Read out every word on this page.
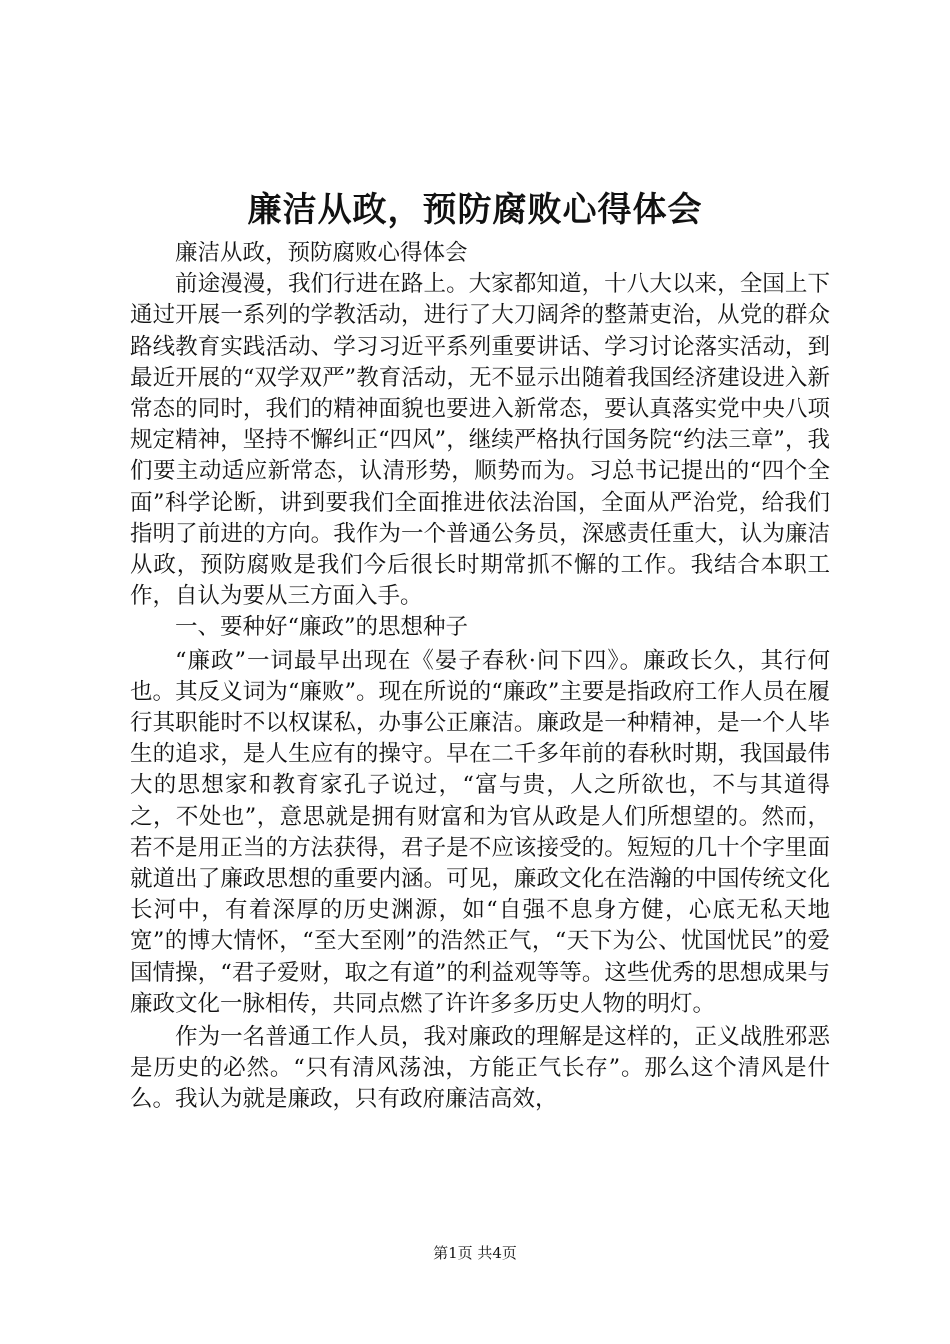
廉洁从政，预防腐败心得体会

廉洁从政，预防腐败心得体会

前途漫漫，我们行进在路上。大家都知道，十八大以来，全国上下通过开展一系列的学教活动，进行了大刀阔斧的整萧吏治，从党的群众路线教育实践活动、学习习近平系列重要讲话、学习讨论落实活动，到最近开展的“双学双严”教育活动，无不显示出随着我国经济建设进入新常态的同时，我们的精神面貌也要进入新常态，要认真落实党中央八项规定精神，坚持不懈纠正“四风”，继续严格执行国务院“约法三章”，我们要主动适应新常态，认清形势，顺势而为。习总书记提出的“四个全面”科学论断，讲到要我们全面推进依法治国，全面从严治党，给我们指明了前进的方向。我作为一个普通公务员，深感责任重大，认为廉洁从政，预防腐败是我们今后很长时期常抓不懈的工作。我结合本职工作，自认为要从三方面入手。

一、要种好“廉政”的思想种子

“廉政”一词最早出现在《晏子春秋·问下四》。廉政长久，其行何也。其反义词为“廉败”。现在所说的“廉政”主要是指政府工作人员在履行其职能时不以权谋私，办事公正廉洁。廉政是一种精神，是一个人毕生的追求，是人生应有的操守。早在二千多年前的春秋时期，我国最伟大的思想家和教育家孔子说过，“富与贵，人之所欲也，不与其道得之，不处也”，意思就是拥有财富和为官从政是人们所想望的。然而，若不是用正当的方法获得，君子是不应该接受的。短短的几十个字里面就道出了廉政思想的重要内涵。可见，廉政文化在浩瀚的中国传统文化长河中，有着深厚的历史渊源，如“自强不息身方健，心底无私天地宽”的博大情怀，“至大至刚”的浩然正气，“天下为公、忧国忧民”的爱国情操，“君子爱财，取之有道”的利益观等等。这些优秀的思想成果与廉政文化一脉相传，共同点燃了许许多多历史人物的明灯。

作为一名普通工作人员，我对廉政的理解是这样的，正义战胜邪恶是历史的必然。“只有清风荡浊，方能正气长存”。那么这个清风是什么。我认为就是廉政，只有政府廉洁高效，

第1页 共4页
